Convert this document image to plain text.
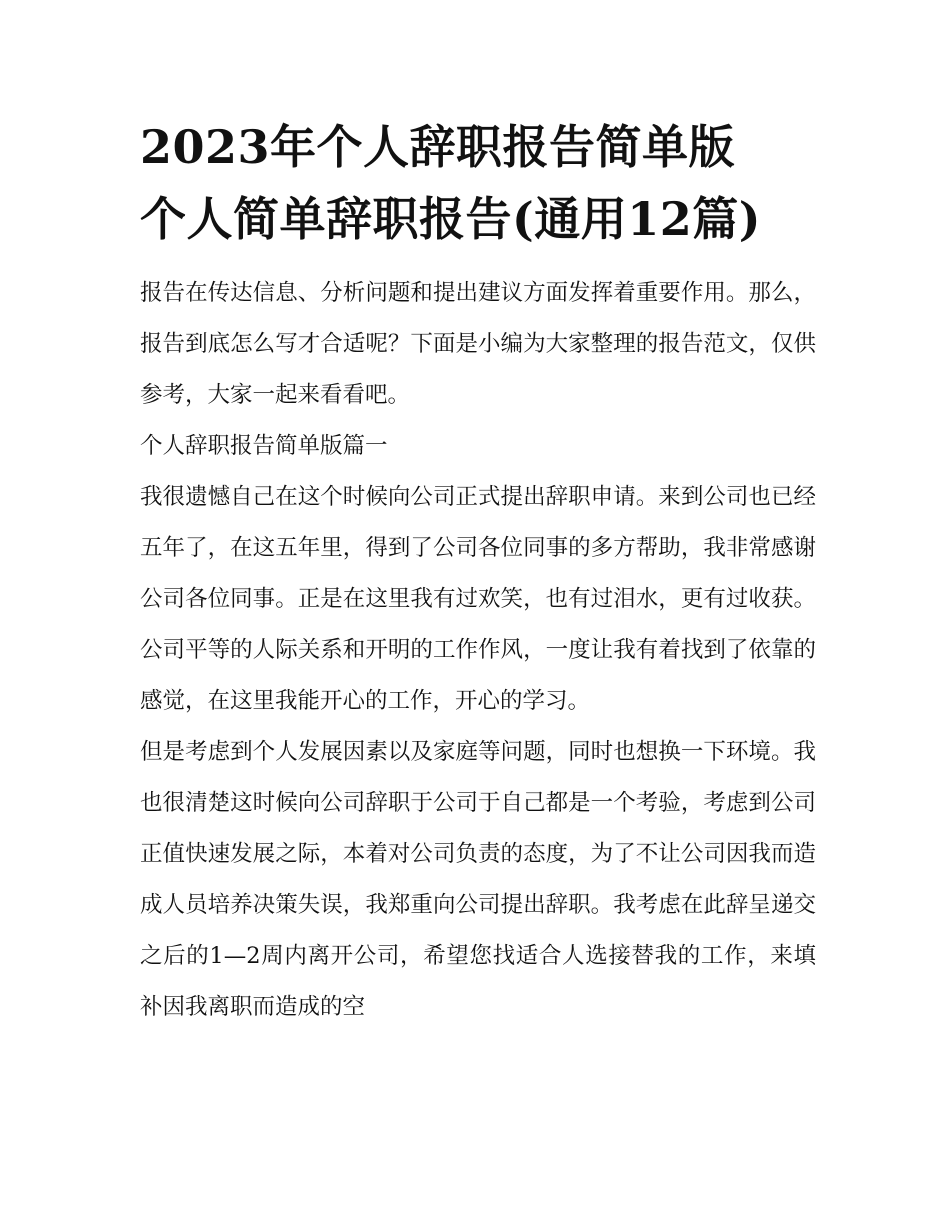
2023年个人辞职报告简单版
个人简单辞职报告(通用12篇)

报告在传达信息、分析问题和提出建议方面发挥着重要作用。那么，报告到底怎么写才合适呢？下面是小编为大家整理的报告范文，仅供参考，大家一起来看看吧。

个人辞职报告简单版篇一

我很遗憾自己在这个时候向公司正式提出辞职申请。来到公司也已经五年了，在这五年里，得到了公司各位同事的多方帮助，我非常感谢公司各位同事。正是在这里我有过欢笑，也有过泪水，更有过收获。公司平等的人际关系和开明的工作作风，一度让我有着找到了依靠的感觉，在这里我能开心的工作，开心的学习。

但是考虑到个人发展因素以及家庭等问题，同时也想换一下环境。我也很清楚这时候向公司辞职于公司于自己都是一个考验，考虑到公司正值快速发展之际，本着对公司负责的态度，为了不让公司因我而造成人员培养决策失误，我郑重向公司提出辞职。我考虑在此辞呈递交之后的1—2周内离开公司，希望您找适合人选接替我的工作，来填补因我离职而造成的空
